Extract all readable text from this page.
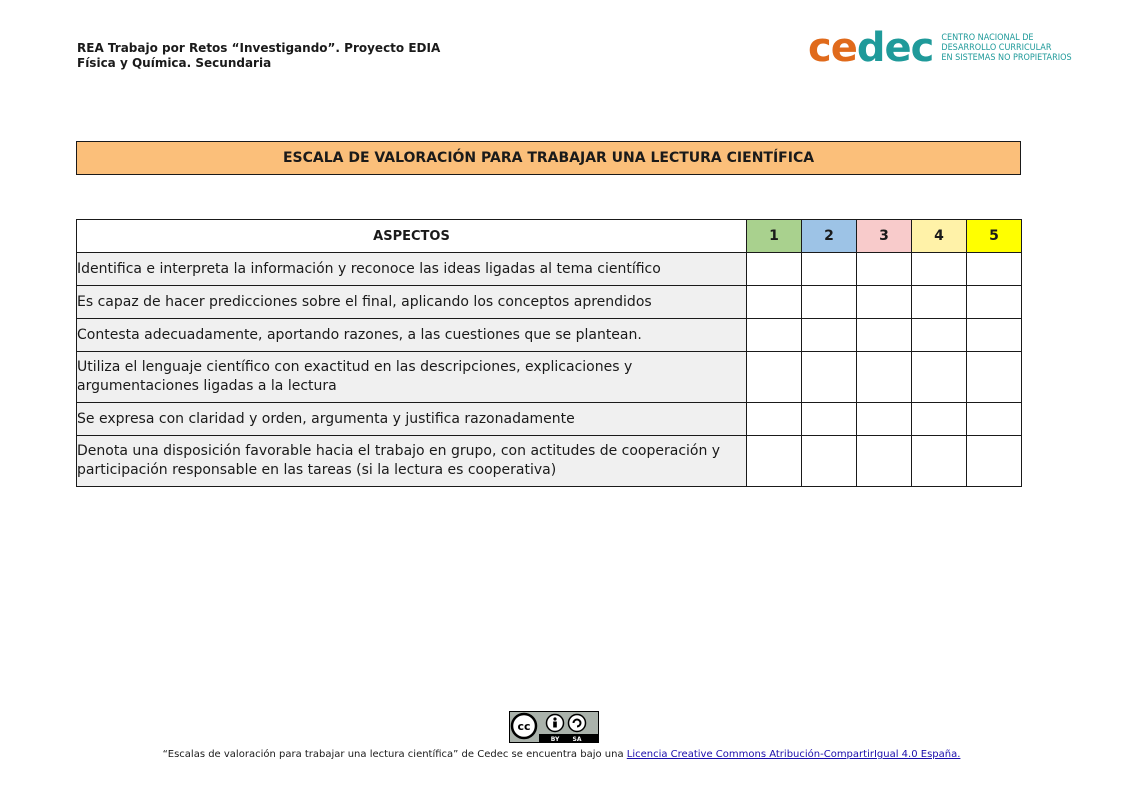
REA Trabajo por Retos “Investigando”. Proyecto EDIA
Física y Química. Secundaria	cedec CENTRO NACIONAL DE
DESARROLLO CURRICULAR
EN SISTEMAS NO PROPIETARIOS
ESCALA DE VALORACIÓN PARA TRABAJAR UNA LECTURA CIENTÍFICA
ASPECTOS	1	2	3	4	5
Identifica e interpreta la información y reconoce las ideas ligadas al tema científico					
Es capaz de hacer predicciones sobre el final, aplicando los conceptos aprendidos					
Contesta adecuadamente, aportando razones, a las cuestiones que se plantean.					
Utiliza el lenguaje científico con exactitud en las descripciones, explicaciones y argumentaciones ligadas a la lectura					
Se expresa con claridad y orden, argumenta y justifica razonadamente					
Denota una disposición favorable hacia el trabajo en grupo, con actitudes de cooperación y participación responsable en las tareas (si la lectura es cooperativa)					
cc
BY SA
“Escalas de valoración para trabajar una lectura científica” de Cedec se encuentra bajo una Licencia Creative Commons Atribución-CompartirIgual 4.0 España.
